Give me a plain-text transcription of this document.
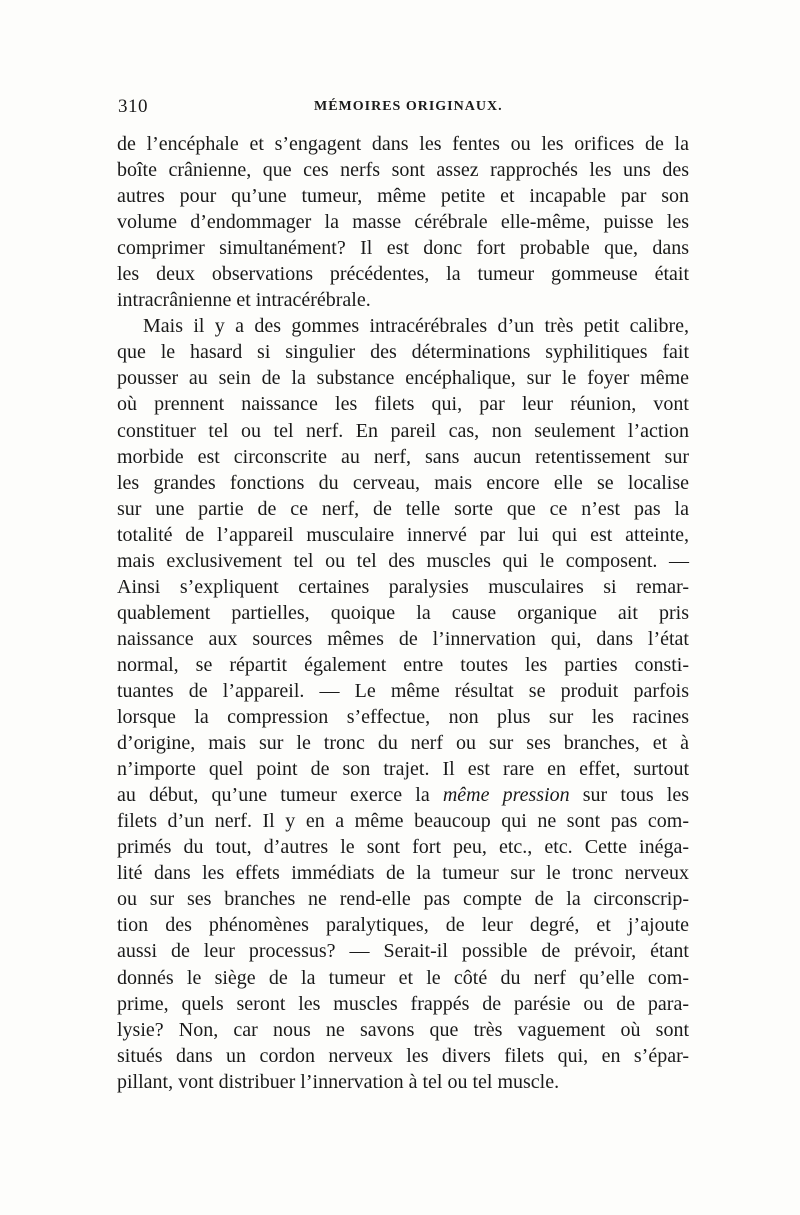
310	MÉMOIRES ORIGINAUX.
de l’encéphale et s’engagent dans les fentes ou les orifices de la
boîte crânienne, que ces nerfs sont assez rapprochés les uns des
autres pour qu’une tumeur, même petite et incapable par son
volume d’endommager la masse cérébrale elle-même, puisse les
comprimer simultanément? Il est donc fort probable que, dans
les deux observations précédentes, la tumeur gommeuse était
intracrânienne et intracérébrale.
Mais il y a des gommes intracérébrales d’un très petit calibre,
que le hasard si singulier des déterminations syphilitiques fait
pousser au sein de la substance encéphalique, sur le foyer même
où prennent naissance les filets qui, par leur réunion, vont
constituer tel ou tel nerf. En pareil cas, non seulement l’action
morbide est circonscrite au nerf, sans aucun retentissement sur
les grandes fonctions du cerveau, mais encore elle se localise
sur une partie de ce nerf, de telle sorte que ce n’est pas la
totalité de l’appareil musculaire innervé par lui qui est atteinte,
mais exclusivement tel ou tel des muscles qui le composent. —
Ainsi s’expliquent certaines paralysies musculaires si remar-
quablement partielles, quoique la cause organique ait pris
naissance aux sources mêmes de l’innervation qui, dans l’état
normal, se répartit également entre toutes les parties consti-
tuantes de l’appareil. — Le même résultat se produit parfois
lorsque la compression s’effectue, non plus sur les racines
d’origine, mais sur le tronc du nerf ou sur ses branches, et à
n’importe quel point de son trajet. Il est rare en effet, surtout
au début, qu’une tumeur exerce la même pression sur tous les
filets d’un nerf. Il y en a même beaucoup qui ne sont pas com-
primés du tout, d’autres le sont fort peu, etc., etc. Cette inéga-
lité dans les effets immédiats de la tumeur sur le tronc nerveux
ou sur ses branches ne rend-elle pas compte de la circonscrip-
tion des phénomènes paralytiques, de leur degré, et j’ajoute
aussi de leur processus? — Serait-il possible de prévoir, étant
donnés le siège de la tumeur et le côté du nerf qu’elle com-
prime, quels seront les muscles frappés de parésie ou de para-
lysie? Non, car nous ne savons que très vaguement où sont
situés dans un cordon nerveux les divers filets qui, en s’épar-
pillant, vont distribuer l’innervation à tel ou tel muscle.
